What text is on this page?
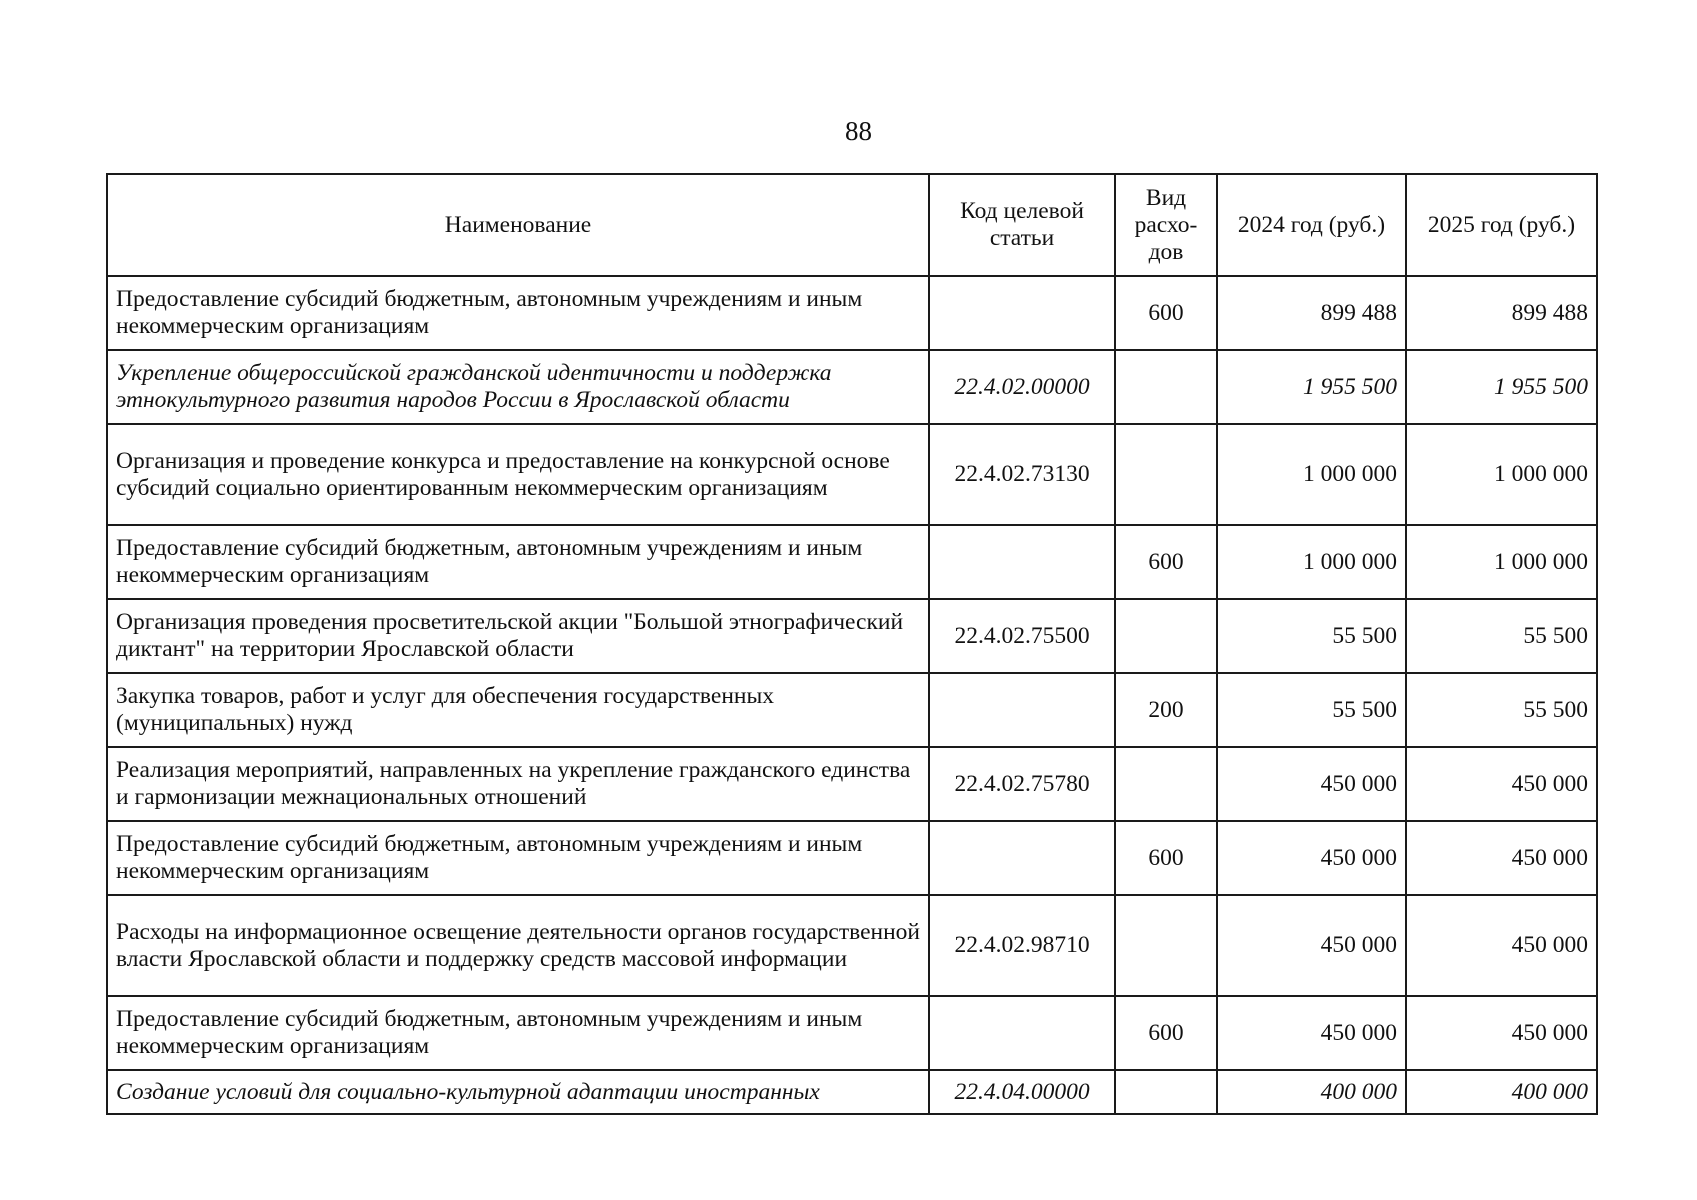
88
Наименование	Код целевой статьи	Вид расхо-дов	2024 год (руб.)	2025 год (руб.)
Предоставление субсидий бюджетным, автономным учреждениям и иным некоммерческим организациям		600	899 488	899 488
Укрепление общероссийской гражданской идентичности и поддержка этнокультурного развития народов России в Ярославской области	22.4.02.00000		1 955 500	1 955 500
Организация и проведение конкурса и предоставление на конкурсной основе субсидий социально ориентированным некоммерческим организациям	22.4.02.73130		1 000 000	1 000 000
Предоставление субсидий бюджетным, автономным учреждениям и иным некоммерческим организациям		600	1 000 000	1 000 000
Организация проведения просветительской акции "Большой этнографический диктант" на территории Ярославской области	22.4.02.75500		55 500	55 500
Закупка товаров, работ и услуг для обеспечения государственных (муниципальных) нужд		200	55 500	55 500
Реализация мероприятий, направленных на укрепление гражданского единства и гармонизации межнациональных отношений	22.4.02.75780		450 000	450 000
Предоставление субсидий бюджетным, автономным учреждениям и иным некоммерческим организациям		600	450 000	450 000
Расходы на информационное освещение деятельности органов государственной власти Ярославской области и поддержку средств массовой информации	22.4.02.98710		450 000	450 000
Предоставление субсидий бюджетным, автономным учреждениям и иным некоммерческим организациям		600	450 000	450 000
Создание условий для социально-культурной адаптации иностранных	22.4.04.00000		400 000	400 000
